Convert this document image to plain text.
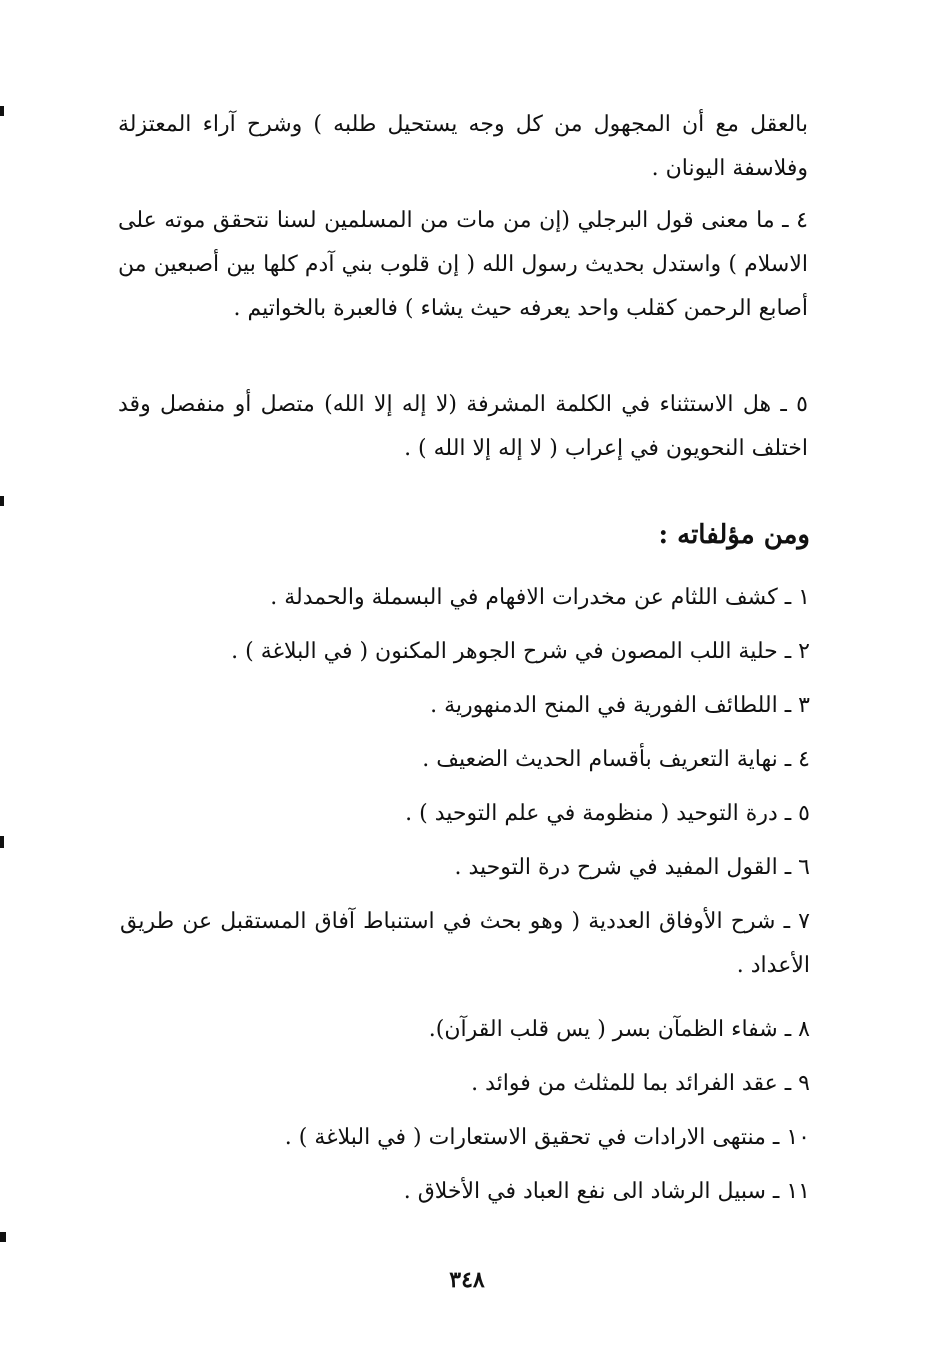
بالعقل مع أن المجهول من كل وجه يستحيل طلبه ) وشرح آراء المعتزلة وفلاسفة اليونان .

٤ ـ ما معنى قول البرجلي (إن من مات من المسلمين لسنا نتحقق موته على الاسلام ) واستدل بحديث رسول الله ( إن قلوب بني آدم كلها بين أصبعين من أصابع الرحمن كقلب واحد يعرفه حيث يشاء ) فالعبرة بالخواتيم .

٥ ـ هل الاستثناء في الكلمة المشرفة (لا إله إلا الله) متصل أو منفصل وقد اختلف النحويون في إعراب ( لا إله إلا الله ) .

ومن مؤلفاته :
١ ـ كشف اللثام عن مخدرات الافهام في البسملة والحمدلة .
٢ ـ حلية اللب المصون في شرح الجوهر المكنون ( في البلاغة ) .
٣ ـ اللطائف الفورية في المنح الدمنهورية .
٤ ـ نهاية التعريف بأقسام الحديث الضعيف .
٥ ـ درة التوحيد ( منظومة في علم التوحيد ) .
٦ ـ القول المفيد في شرح درة التوحيد .
٧ ـ شرح الأوفاق العددية ( وهو بحث في استنباط آفاق المستقبل عن طريق الأعداد .
٨ ـ شفاء الظمآن بسر ( يس قلب القرآن).
٩ ـ عقد الفرائد بما للمثلث من فوائد .
١٠ ـ منتهى الارادات في تحقيق الاستعارات ( في البلاغة ) .
١١ ـ سبيل الرشاد الى نفع العباد في الأخلاق .
٣٤٨
